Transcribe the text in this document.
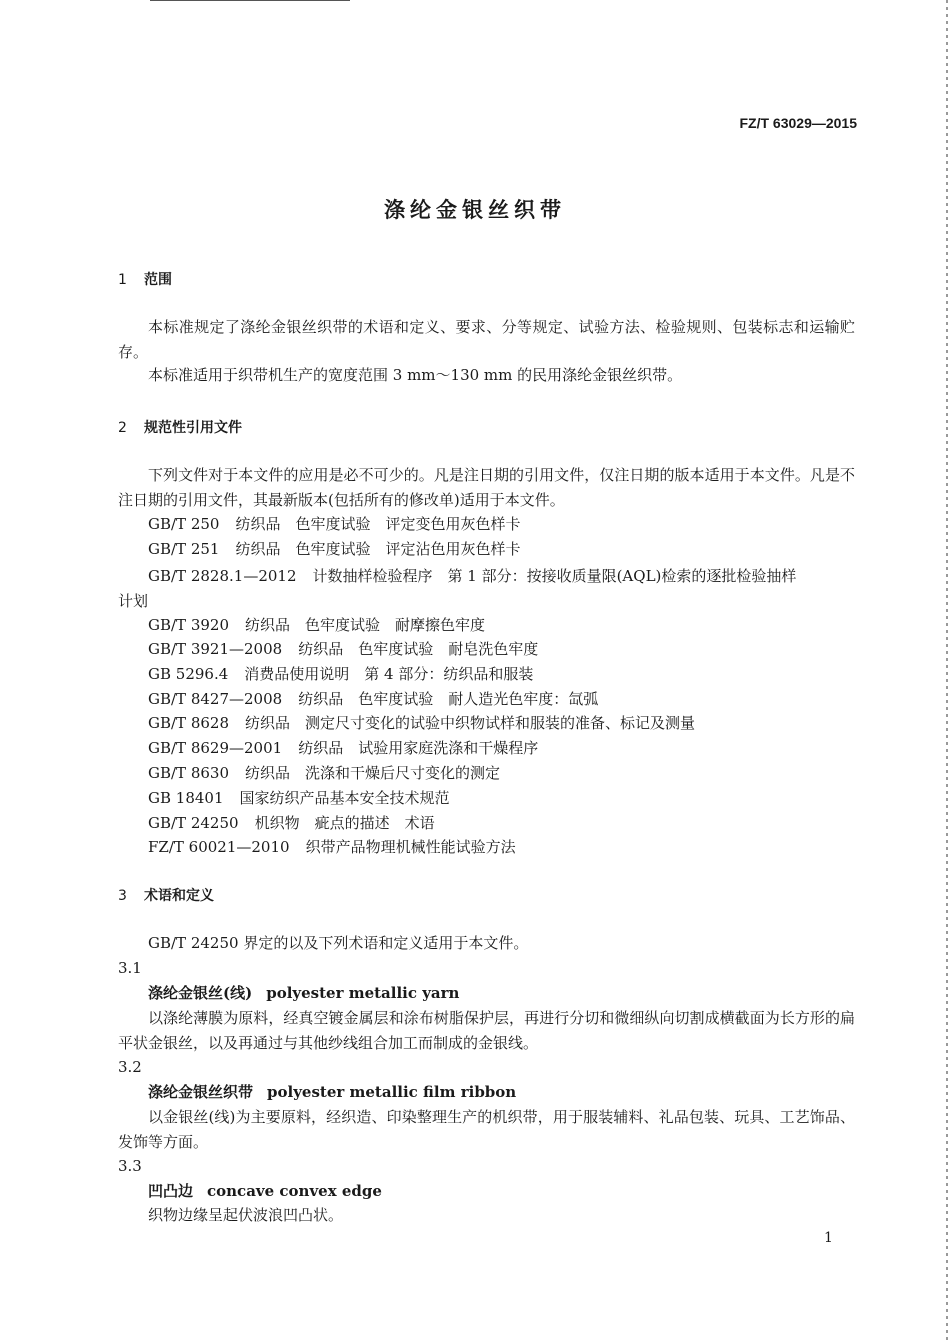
FZ/T 63029—2015
涤纶金银丝织带
1 范围
本标准规定了涤纶金银丝织带的术语和定义、要求、分等规定、试验方法、检验规则、包装标志和运输贮存。
本标准适用于织带机生产的宽度范围 3 mm～130 mm 的民用涤纶金银丝织带。
2 规范性引用文件
下列文件对于本文件的应用是必不可少的。凡是注日期的引用文件，仅注日期的版本适用于本文件。凡是不注日期的引用文件，其最新版本(包括所有的修改单)适用于本文件。
GB/T 250 纺织品　色牢度试验　评定变色用灰色样卡
GB/T 251 纺织品　色牢度试验　评定沾色用灰色样卡
GB/T 2828.1—2012 计数抽样检验程序　第 1 部分：按接收质量限(AQL)检索的逐批检验抽样
计划
GB/T 3920 纺织品　色牢度试验　耐摩擦色牢度
GB/T 3921—2008 纺织品　色牢度试验　耐皂洗色牢度
GB 5296.4 消费品使用说明　第 4 部分：纺织品和服装
GB/T 8427—2008 纺织品　色牢度试验　耐人造光色牢度：氙弧
GB/T 8628 纺织品　测定尺寸变化的试验中织物试样和服装的准备、标记及测量
GB/T 8629—2001 纺织品　试验用家庭洗涤和干燥程序
GB/T 8630 纺织品　洗涤和干燥后尺寸变化的测定
GB 18401 国家纺织产品基本安全技术规范
GB/T 24250 机织物　疵点的描述　术语
FZ/T 60021—2010 织带产品物理机械性能试验方法
3 术语和定义
GB/T 24250 界定的以及下列术语和定义适用于本文件。
3.1
涤纶金银丝(线) polyester metallic yarn
以涤纶薄膜为原料，经真空镀金属层和涂布树脂保护层，再进行分切和微细纵向切割成横截面为长方形的扁平状金银丝，以及再通过与其他纱线组合加工而制成的金银线。
3.2
涤纶金银丝织带 polyester metallic film ribbon
以金银丝(线)为主要原料，经织造、印染整理生产的机织带，用于服装辅料、礼品包装、玩具、工艺饰品、发饰等方面。
3.3
凹凸边 concave convex edge
织物边缘呈起伏波浪凹凸状。
1
